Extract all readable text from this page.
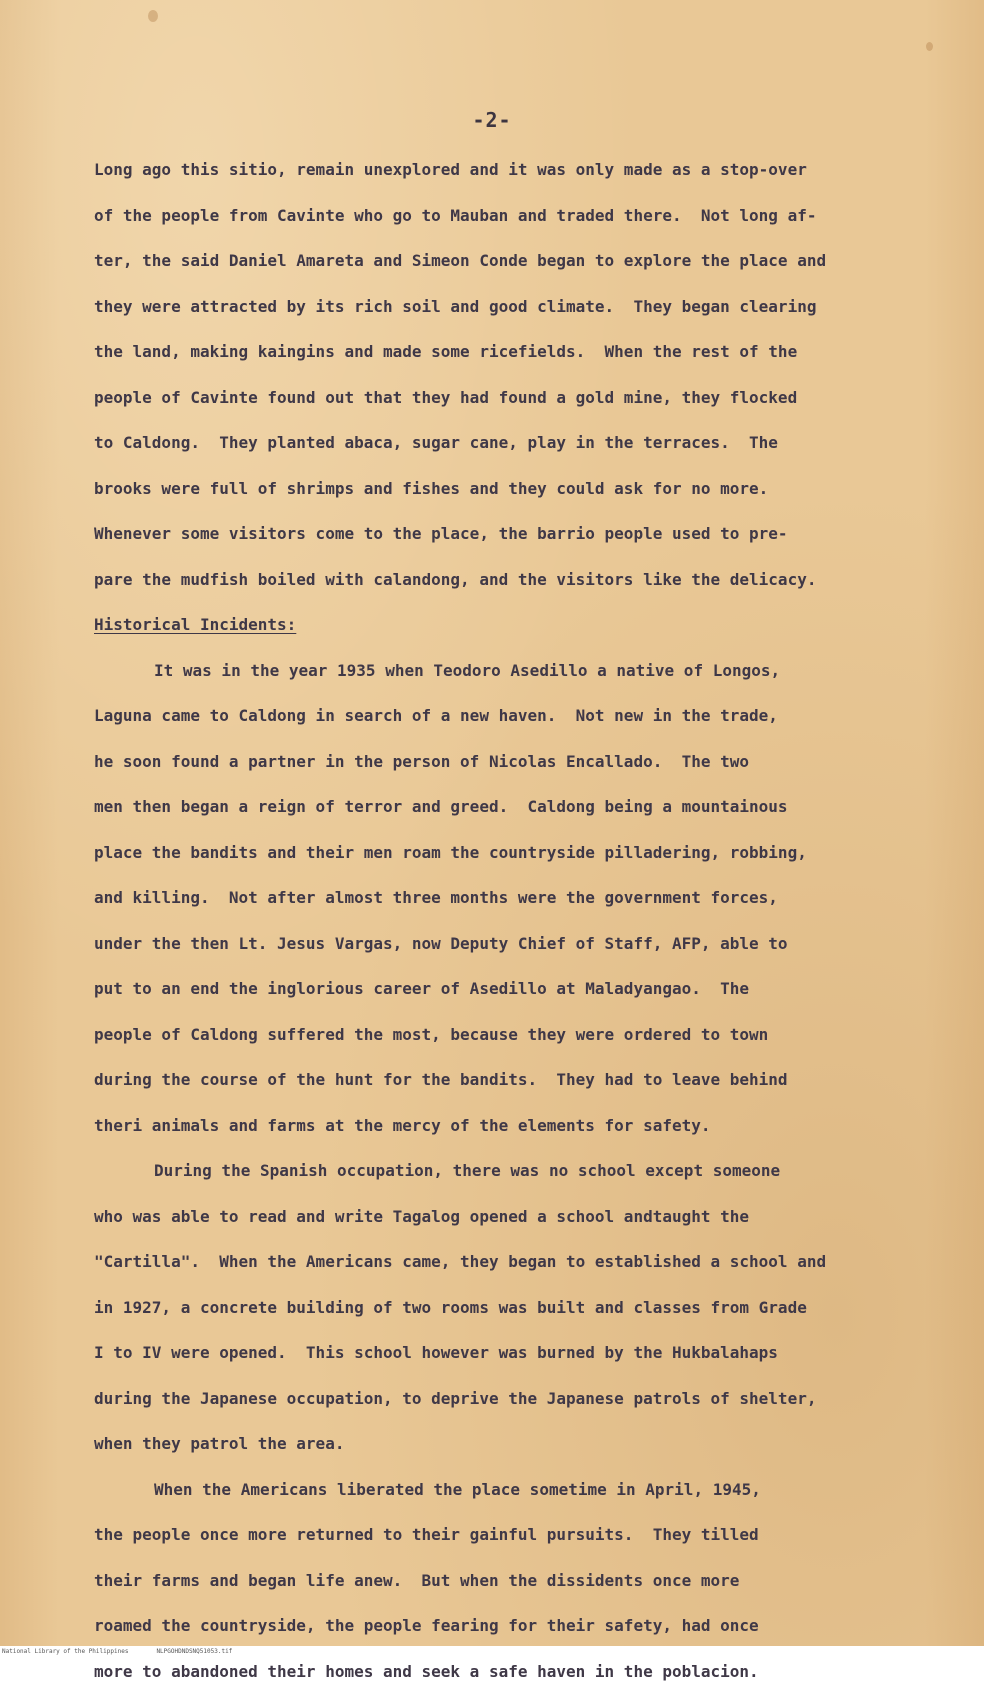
-2-
Long ago this sitio, remain unexplored and it was only made as a stop-over
of the people from Cavinte who go to Mauban and traded there.  Not long af-
ter, the said Daniel Amareta and Simeon Conde began to explore the place and
they were attracted by its rich soil and good climate.  They began clearing
the land, making kaingins and made some ricefields.  When the rest of the
people of Cavinte found out that they had found a gold mine, they flocked
to Caldong.  They planted abaca, sugar cane, play in the terraces.  The
brooks were full of shrimps and fishes and they could ask for no more.
Whenever some visitors come to the place, the barrio people used to pre-
pare the mudfish boiled with calandong, and the visitors like the delicacy.
Historical Incidents:
It was in the year 1935 when Teodoro Asedillo a native of Longos,
Laguna came to Caldong in search of a new haven.  Not new in the trade,
he soon found a partner in the person of Nicolas Encallado.  The two
men then began a reign of terror and greed.  Caldong being a mountainous
place the bandits and their men roam the countryside pilladering, robbing,
and killing.  Not after almost three months were the government forces,
under the then Lt. Jesus Vargas, now Deputy Chief of Staff, AFP, able to
put to an end the inglorious career of Asedillo at Maladyangao.  The
people of Caldong suffered the most, because they were ordered to town
during the course of the hunt for the bandits.  They had to leave behind
theri animals and farms at the mercy of the elements for safety.
During the Spanish occupation, there was no school except someone
who was able to read and write Tagalog opened a school andtaught the
"Cartilla".  When the Americans came, they began to established a school and
in 1927, a concrete building of two rooms was built and classes from Grade
I to IV were opened.  This school however was burned by the Hukbalahaps
during the Japanese occupation, to deprive the Japanese patrols of shelter,
when they patrol the area.
When the Americans liberated the place sometime in April, 1945,
the people once more returned to their gainful pursuits.  They tilled
their farms and began life anew.  But when the dissidents once more
roamed the countryside, the people fearing for their safety, had once
more to abandoned their homes and seek a safe haven in the poblacion.
National Library of the Philippines	NLPGOHDNDSNQ51053.tif
